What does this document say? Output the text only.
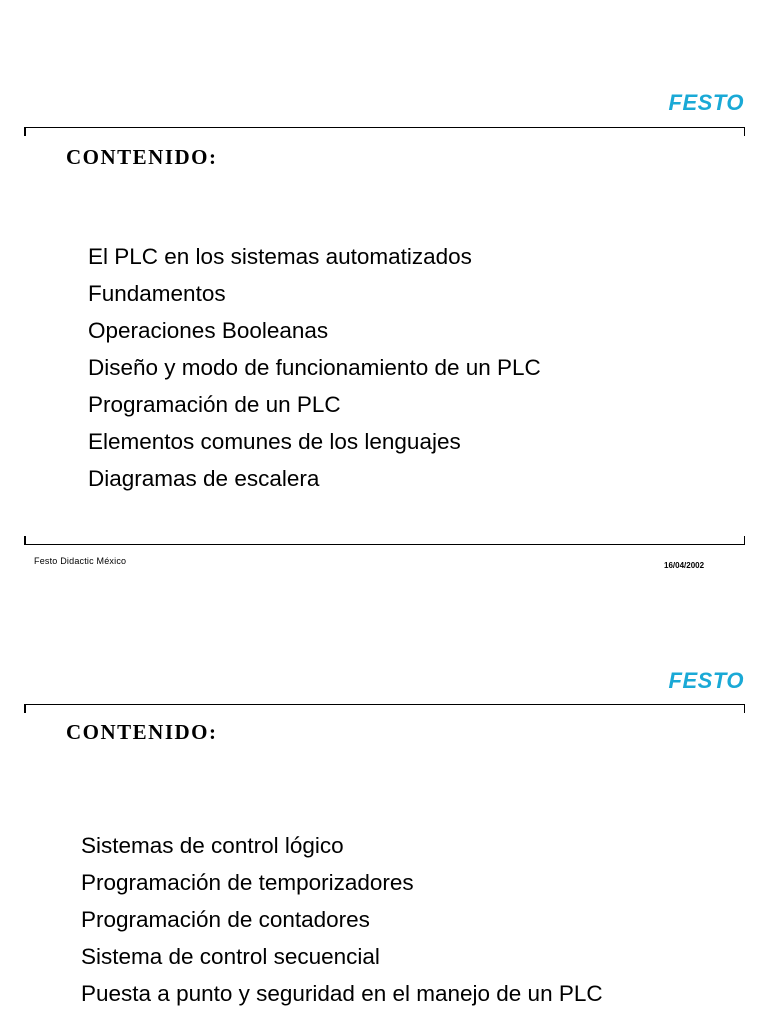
FESTO
CONTENIDO:
El PLC en los sistemas automatizados
Fundamentos
Operaciones Booleanas
Diseño y modo de funcionamiento de un PLC
Programación de un PLC
Elementos comunes de los lenguajes
Diagramas de escalera
Festo Didactic México	16/04/2002
FESTO
CONTENIDO:
Sistemas de control lógico
Programación de temporizadores
Programación de contadores
Sistema de control secuencial
Puesta a punto y seguridad en el manejo de un PLC
